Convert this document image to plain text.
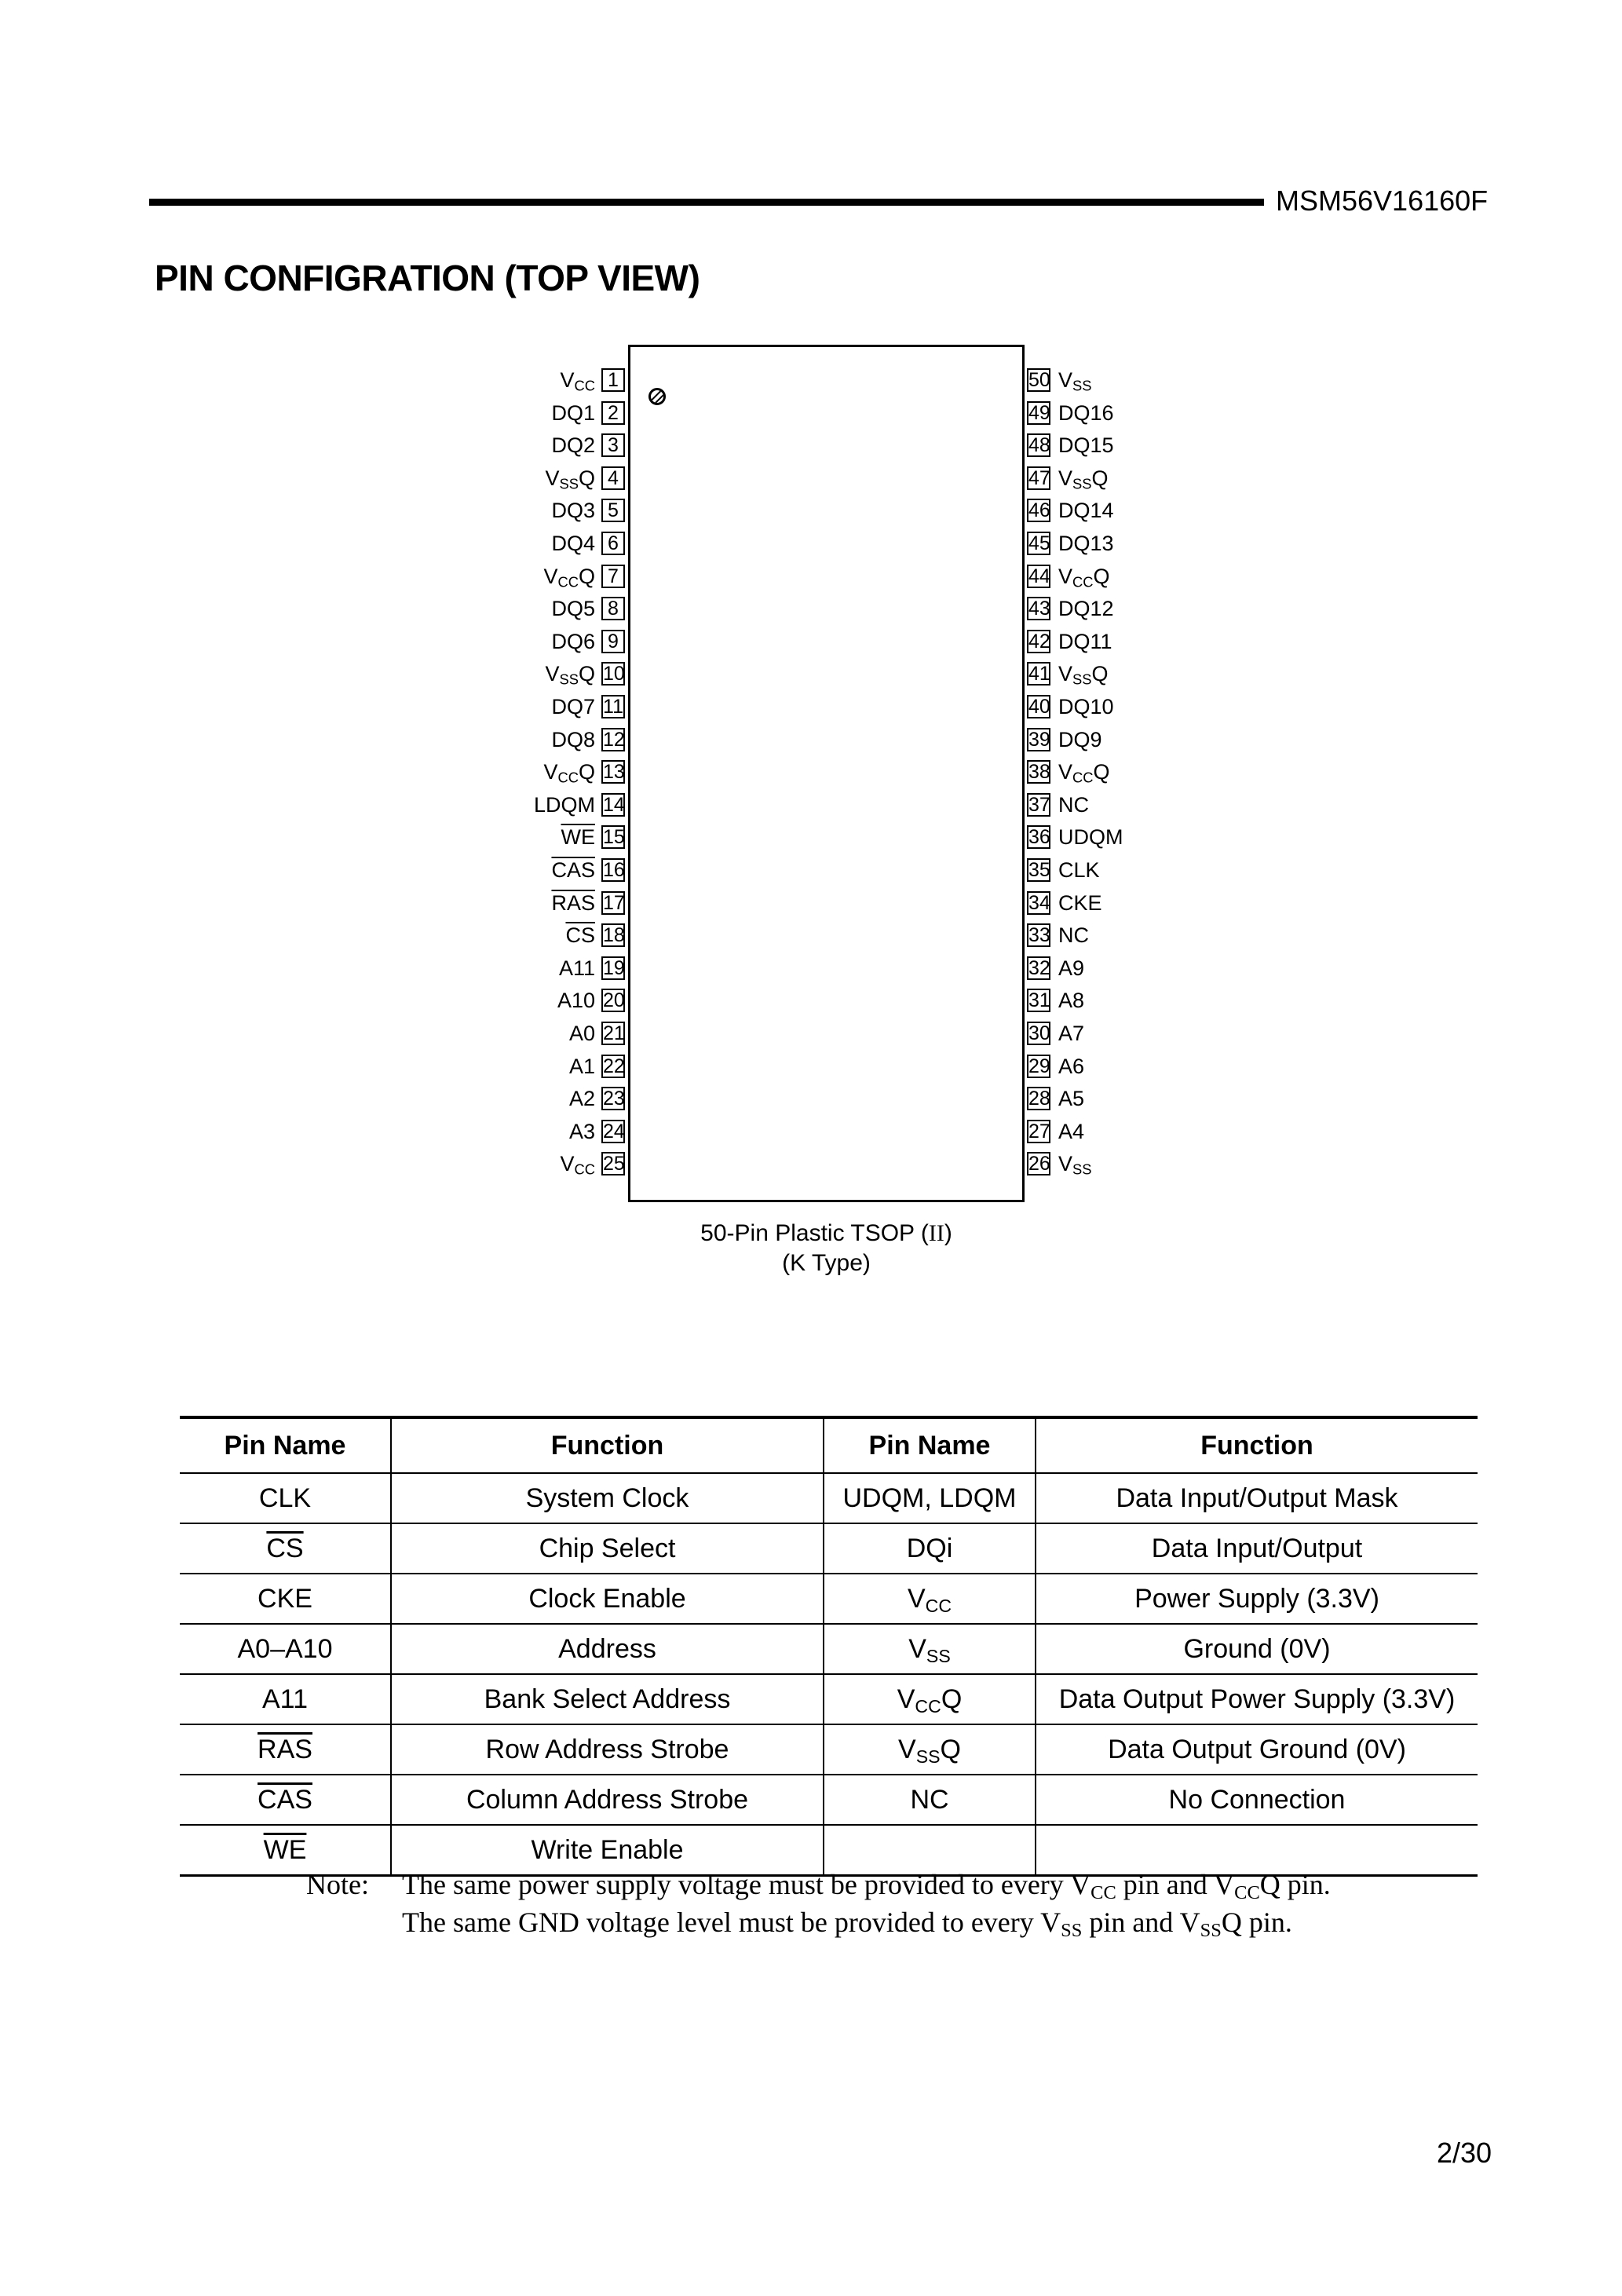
MSM56V16160F
PIN CONFIGRATION (TOP VIEW)
1
$V_{CC}$
2
DQ1
3
DQ2
4
$V_{SS}Q$
5
DQ3
6
DQ4
7
$V_{CC}Q$
8
DQ5
9
DQ6
10
$V_{SS}Q$
11
DQ7
12
DQ8
13
$V_{CC}Q$
14
LDQM
15
$\overline{WE}$
16
$\overline{CAS}$
17
$\overline{RAS}$
18
$\overline{CS}$
19
A11
20
A10
21
A0
22
A1
23
A2
24
A3
25
$V_{CC}$
50 $V_{SS}$
49 DQ16
48 DQ15
47 $V_{SS}Q$
46 DQ14
45 DQ13
44 $V_{CC}Q$
43 DQ12
42 DQ11
41 $V_{SS}Q$
40 DQ10
39 DQ9
38 $V_{CC}Q$
37 NC
36 UDQM
35 CLK
34 CKE
33 NC
32 A9
31 A8
30 A7
29 A6
28 A5
27 A4
26 $V_{SS}$
50-Pin Plastic TSOP (II)
(K Type)
Pin Name	Function	Pin Name	Function
CLK	System Clock	UDQM, LDQM	Data Input/Output Mask
$\overline{CS}$	Chip Select	DQi	Data Input/Output
CKE	Clock Enable	$V_{CC}$	Power Supply (3.3V)
A0–A10	Address	$V_{SS}$	Ground (0V)
A11	Bank Select Address	$V_{CC}Q$	Data Output Power Supply (3.3V)
$\overline{RAS}$	Row Address Strobe	$V_{SS}Q$	Data Output Ground (0V)
$\overline{CAS}$	Column Address Strobe	NC	No Connection
$\overline{WE}$	Write Enable		
Note: The same power supply voltage must be provided to every $V_{CC}$ pin and $V_{CC}Q$ pin.
The same GND voltage level must be provided to every $V_{SS}$ pin and $V_{SS}Q$ pin.
2/30
